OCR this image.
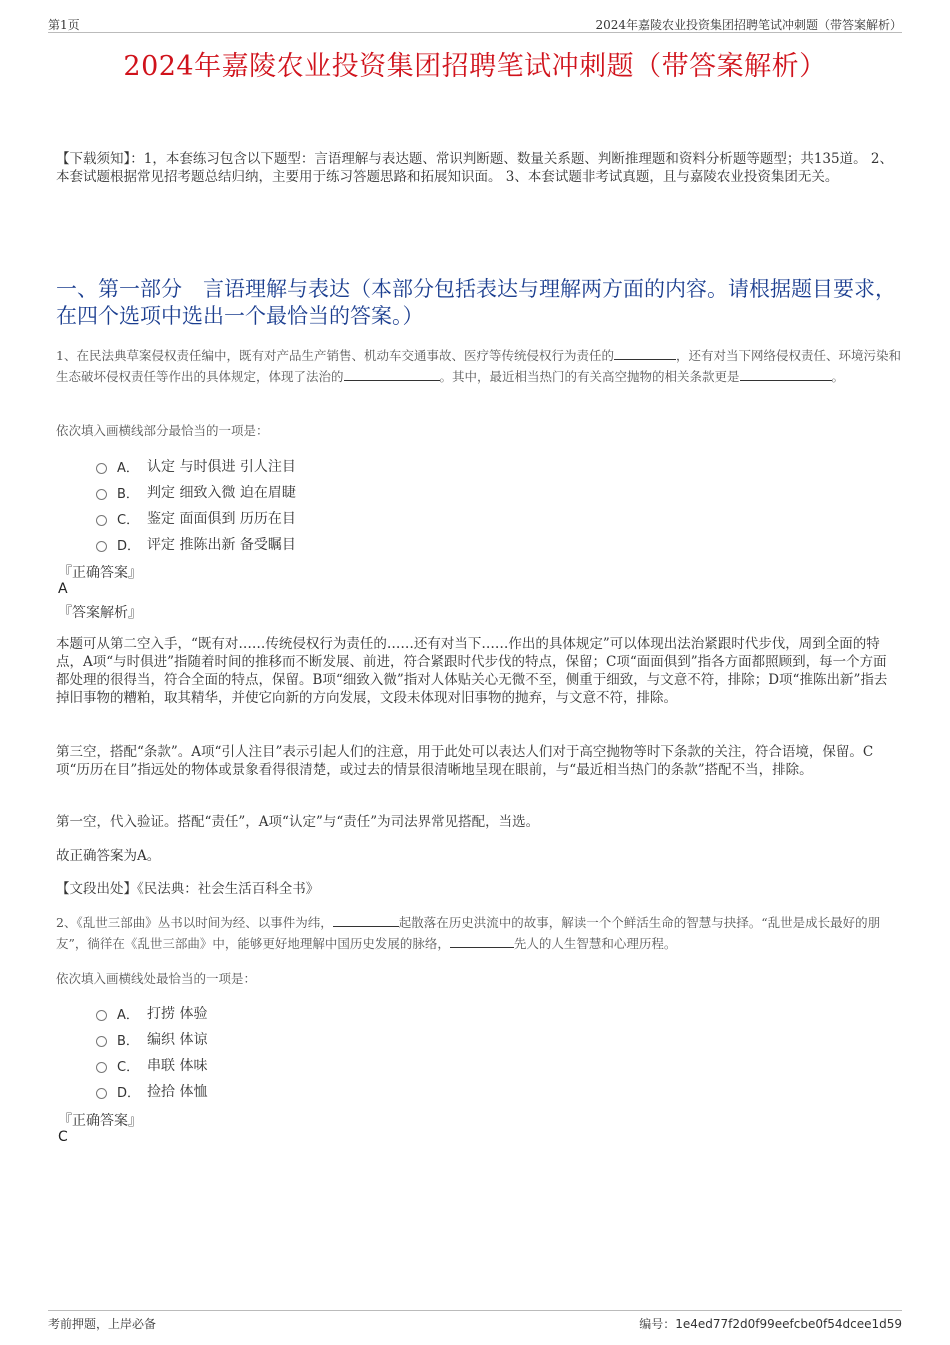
第1页	2024年嘉陵农业投资集团招聘笔试冲刺题（带答案解析）
2024年嘉陵农业投资集团招聘笔试冲刺题（带答案解析）
【下载须知】：1，本套练习包含以下题型：言语理解与表达题、常识判断题、数量关系题、判断推理题和资料分析题等题型；共135道。 2、本套试题根据常见招考题总结归纳，主要用于练习答题思路和拓展知识面。 3、本套试题非考试真题，且与嘉陵农业投资集团无关。
一、第一部分　言语理解与表达（本部分包括表达与理解两方面的内容。请根据题目要求，在四个选项中选出一个最恰当的答案。）
1、在民法典草案侵权责任编中，既有对产品生产销售、机动车交通事故、医疗等传统侵权行为责任的	，还有对当下网络侵权责任、环境污染和生态破坏侵权责任等作出的具体规定，体现了法治的	。其中，最近相当热门的有关高空抛物的相关条款更是	。
依次填入画横线部分最恰当的一项是：
A． 认定 与时俱进 引人注目
B． 判定 细致入微 迫在眉睫
C． 鉴定 面面俱到 历历在目
D． 评定 推陈出新 备受瞩目
『正确答案』
A
『答案解析』
本题可从第二空入手，“既有对……传统侵权行为责任的……还有对当下……作出的具体规定”可以体现出法治紧跟时代步伐，周到全面的特点，A项“与时俱进”指随着时间的推移而不断发展、前进，符合紧跟时代步伐的特点，保留；C项“面面俱到”指各方面都照顾到，每一个方面都处理的很得当，符合全面的特点，保留。B项“细致入微”指对人体贴关心无微不至，侧重于细致，与文意不符，排除；D项“推陈出新”指去掉旧事物的糟粕，取其精华，并使它向新的方向发展，文段未体现对旧事物的抛弃，与文意不符，排除。
第三空，搭配“条款”。A项“引人注目”表示引起人们的注意，用于此处可以表达人们对于高空抛物等时下条款的关注，符合语境，保留。C项“历历在目”指远处的物体或景象看得很清楚，或过去的情景很清晰地呈现在眼前，与“最近相当热门的条款”搭配不当，排除。
第一空，代入验证。搭配“责任”，A项“认定”与“责任”为司法界常见搭配，当选。
故正确答案为A。
【文段出处】《民法典：社会生活百科全书》
2、《乱世三部曲》丛书以时间为经、以事件为纬，	起散落在历史洪流中的故事，解读一个个鲜活生命的智慧与抉择。“乱世是成长最好的朋友”，徜徉在《乱世三部曲》中，能够更好地理解中国历史发展的脉络，	先人的人生智慧和心理历程。
依次填入画横线处最恰当的一项是：
A． 打捞 体验
B． 编织 体谅
C． 串联 体味
D． 捡拾 体恤
『正确答案』
C
考前押题，上岸必备	编号：1e4ed77f2d0f99eefcbe0f54dcee1d59
